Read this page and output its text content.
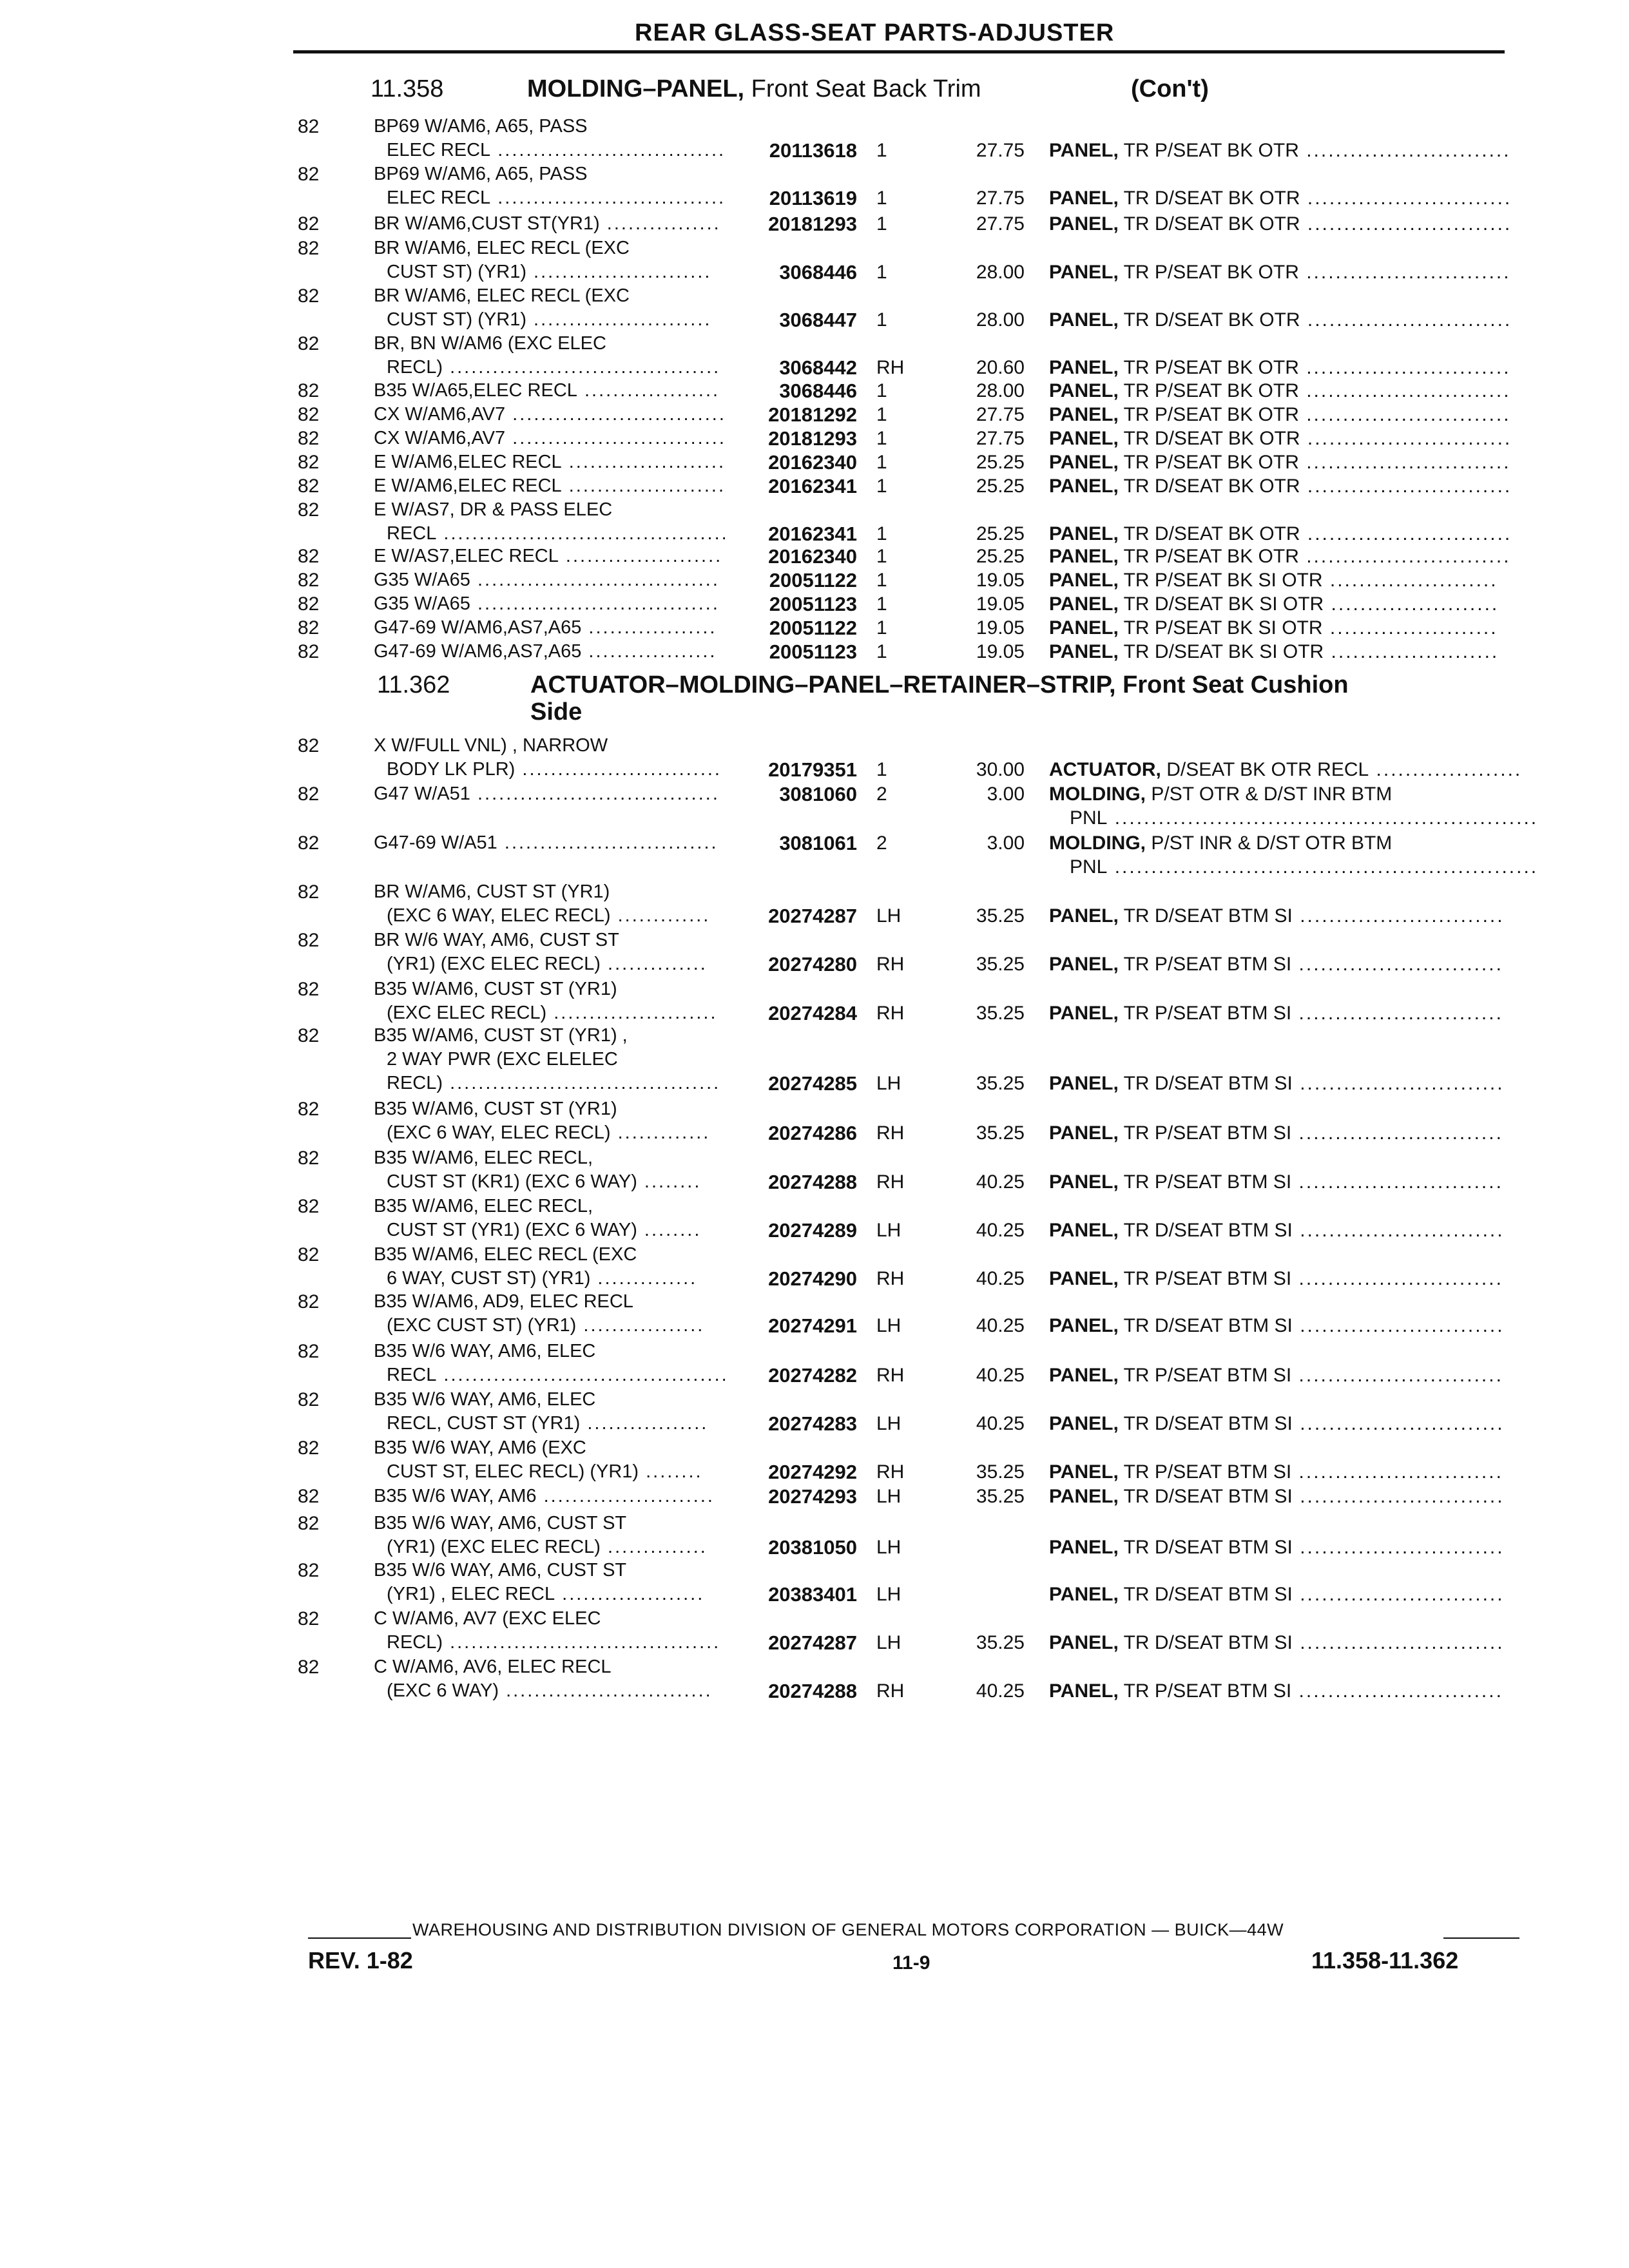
REAR GLASS-SEAT PARTS-ADJUSTER
11.358	MOLDING–PANEL, Front Seat Back Trim	(Con't)
82	BP69 W/AM6, A65, PASS
ELEC RECL ................................ 20113618 1	27.75 PANEL, TR P/SEAT BK OTR ............................
82	BP69 W/AM6, A65, PASS
ELEC RECL ................................ 20113619 1	27.75 PANEL, TR D/SEAT BK OTR ............................
82	BR W/AM6,CUST ST(YR1) ................ 20181293 1	27.75 PANEL, TR D/SEAT BK OTR ............................
82	BR W/AM6, ELEC RECL (EXC
CUST ST) (YR1) .........................	3068446 1	28.00 PANEL, TR P/SEAT BK OTR ............................
82	BR W/AM6, ELEC RECL (EXC
CUST ST) (YR1) .........................	3068447 1	28.00 PANEL, TR D/SEAT BK OTR ............................
82	BR, BN W/AM6 (EXC ELEC
RECL) ......................................	3068442 RH	20.60 PANEL, TR P/SEAT BK OTR ............................
82	B35 W/A65,ELEC RECL ...................	3068446 1	28.00 PANEL, TR P/SEAT BK OTR ............................
82	CX W/AM6,AV7 .............................. 20181292 1	27.75 PANEL, TR P/SEAT BK OTR ............................
82	CX W/AM6,AV7 .............................. 20181293 1	27.75 PANEL, TR D/SEAT BK OTR ............................
82	E W/AM6,ELEC RECL ...................... 20162340 1	25.25 PANEL, TR P/SEAT BK OTR ............................
82	E W/AM6,ELEC RECL ...................... 20162341 1	25.25 PANEL, TR D/SEAT BK OTR ............................
82	E W/AS7, DR & PASS ELEC
RECL ........................................ 20162341 1	25.25 PANEL, TR D/SEAT BK OTR ............................
82	E W/AS7,ELEC RECL ...................... 20162340 1	25.25 PANEL, TR P/SEAT BK OTR ............................
82	G35 W/A65 .................................. 20051122 1	19.05 PANEL, TR P/SEAT BK SI OTR .......................
82	G35 W/A65 .................................. 20051123 1	19.05 PANEL, TR D/SEAT BK SI OTR .......................
82	G47-69 W/AM6,AS7,A65 ..................	20051122 1	19.05 PANEL, TR P/SEAT BK SI OTR .......................
82	G47-69 W/AM6,AS7,A65 ..................	20051123 1	19.05 PANEL, TR D/SEAT BK SI OTR .......................
11.362	ACTUATOR–MOLDING–PANEL–RETAINER–STRIP, Front Seat Cushion
Side
82	X W/FULL VNL) , NARROW
BODY LK PLR) ............................ 20179351 1	30.00 ACTUATOR, D/SEAT BK OTR RECL ....................
82	G47 W/A51 ..................................	3081060 2	3.00 MOLDING, P/ST OTR & D/ST INR BTM
PNL ..........................................................
82	G47-69 W/A51 ..............................	3081061 2	3.00 MOLDING, P/ST INR & D/ST OTR BTM
PNL ..........................................................
82	BR W/AM6, CUST ST (YR1)
(EXC 6 WAY, ELEC RECL) .............	20274287 LH	35.25 PANEL, TR D/SEAT BTM SI ............................
82	BR W/6 WAY, AM6, CUST ST
(YR1) (EXC ELEC RECL) ..............	20274280 RH	35.25 PANEL, TR P/SEAT BTM SI ............................
82	B35 W/AM6, CUST ST (YR1)
(EXC ELEC RECL) .......................	20274284 RH	35.25 PANEL, TR P/SEAT BTM SI ............................
82	B35 W/AM6, CUST ST (YR1) ,
2 WAY PWR (EXC ELELEC
RECL) ...................................... 20274285 LH	35.25 PANEL, TR D/SEAT BTM SI ............................
82	B35 W/AM6, CUST ST (YR1)
(EXC 6 WAY, ELEC RECL) .............	20274286 RH	35.25 PANEL, TR P/SEAT BTM SI ............................
82	B35 W/AM6, ELEC RECL,
CUST ST (KR1) (EXC 6 WAY) ........	20274288 RH	40.25 PANEL, TR P/SEAT BTM SI ............................
82	B35 W/AM6, ELEC RECL,
CUST ST (YR1) (EXC 6 WAY) ........	20274289 LH	40.25 PANEL, TR D/SEAT BTM SI ............................
82	B35 W/AM6, ELEC RECL (EXC
6 WAY, CUST ST) (YR1) ..............	20274290 RH	40.25 PANEL, TR P/SEAT BTM SI ............................
82	B35 W/AM6, AD9, ELEC RECL
(EXC CUST ST) (YR1) .................	20274291 LH	40.25 PANEL, TR D/SEAT BTM SI ............................
82	B35 W/6 WAY, AM6, ELEC
RECL ........................................ 20274282 RH	40.25 PANEL, TR P/SEAT BTM SI ............................
82	B35 W/6 WAY, AM6, ELEC
RECL, CUST ST (YR1) .................	20274283 LH	40.25 PANEL, TR D/SEAT BTM SI ............................
82	B35 W/6 WAY, AM6 (EXC
CUST ST, ELEC RECL) (YR1) ........	20274292 RH	35.25 PANEL, TR P/SEAT BTM SI ............................
82	B35 W/6 WAY, AM6 ........................	20274293 LH	35.25 PANEL, TR D/SEAT BTM SI ............................
82	B35 W/6 WAY, AM6, CUST ST
(YR1) (EXC ELEC RECL) ..............	20381050 LH	PANEL, TR D/SEAT BTM SI ............................
82	B35 W/6 WAY, AM6, CUST ST
(YR1) , ELEC RECL ....................	20383401 LH	PANEL, TR D/SEAT BTM SI ............................
82	C W/AM6, AV7 (EXC ELEC
RECL) ...................................... 20274287 LH	35.25 PANEL, TR D/SEAT BTM SI ............................
82	C W/AM6, AV6, ELEC RECL
(EXC 6 WAY) .............................	20274288 RH	40.25 PANEL, TR P/SEAT BTM SI ............................
WAREHOUSING AND DISTRIBUTION DIVISION OF GENERAL MOTORS CORPORATION — BUICK—44W
REV. 1-82	11-9	11.358-11.362
